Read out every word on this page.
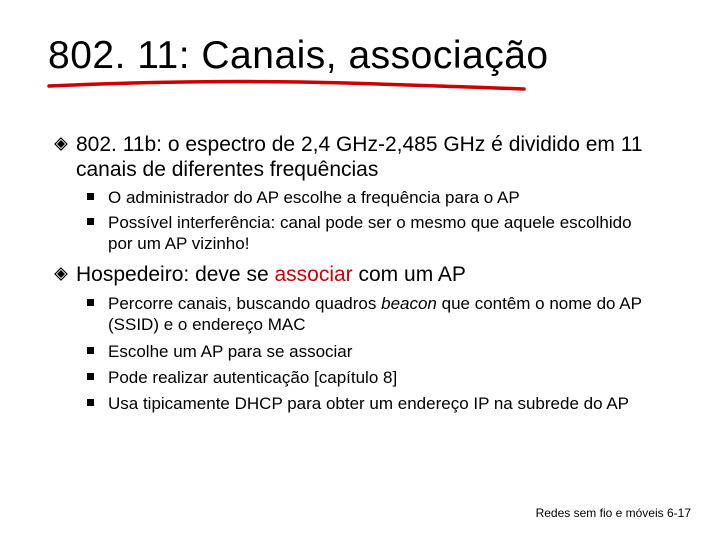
802. 11: Canais, associação
802. 11b: o espectro de 2,4 GHz-2,485 GHz é dividido em 11 canais de diferentes frequências
O administrador do AP escolhe a frequência para o AP
Possível interferência: canal pode ser o mesmo que aquele escolhido por um AP vizinho!
Hospedeiro: deve se associar com um AP
Percorre canais, buscando quadros beacon que contêm o nome do AP (SSID) e o endereço MAC
Escolhe um AP para se associar
Pode realizar autenticação [capítulo 8]
Usa tipicamente DHCP para obter um endereço IP na subrede do AP
Redes sem fio e móveis 6-17
